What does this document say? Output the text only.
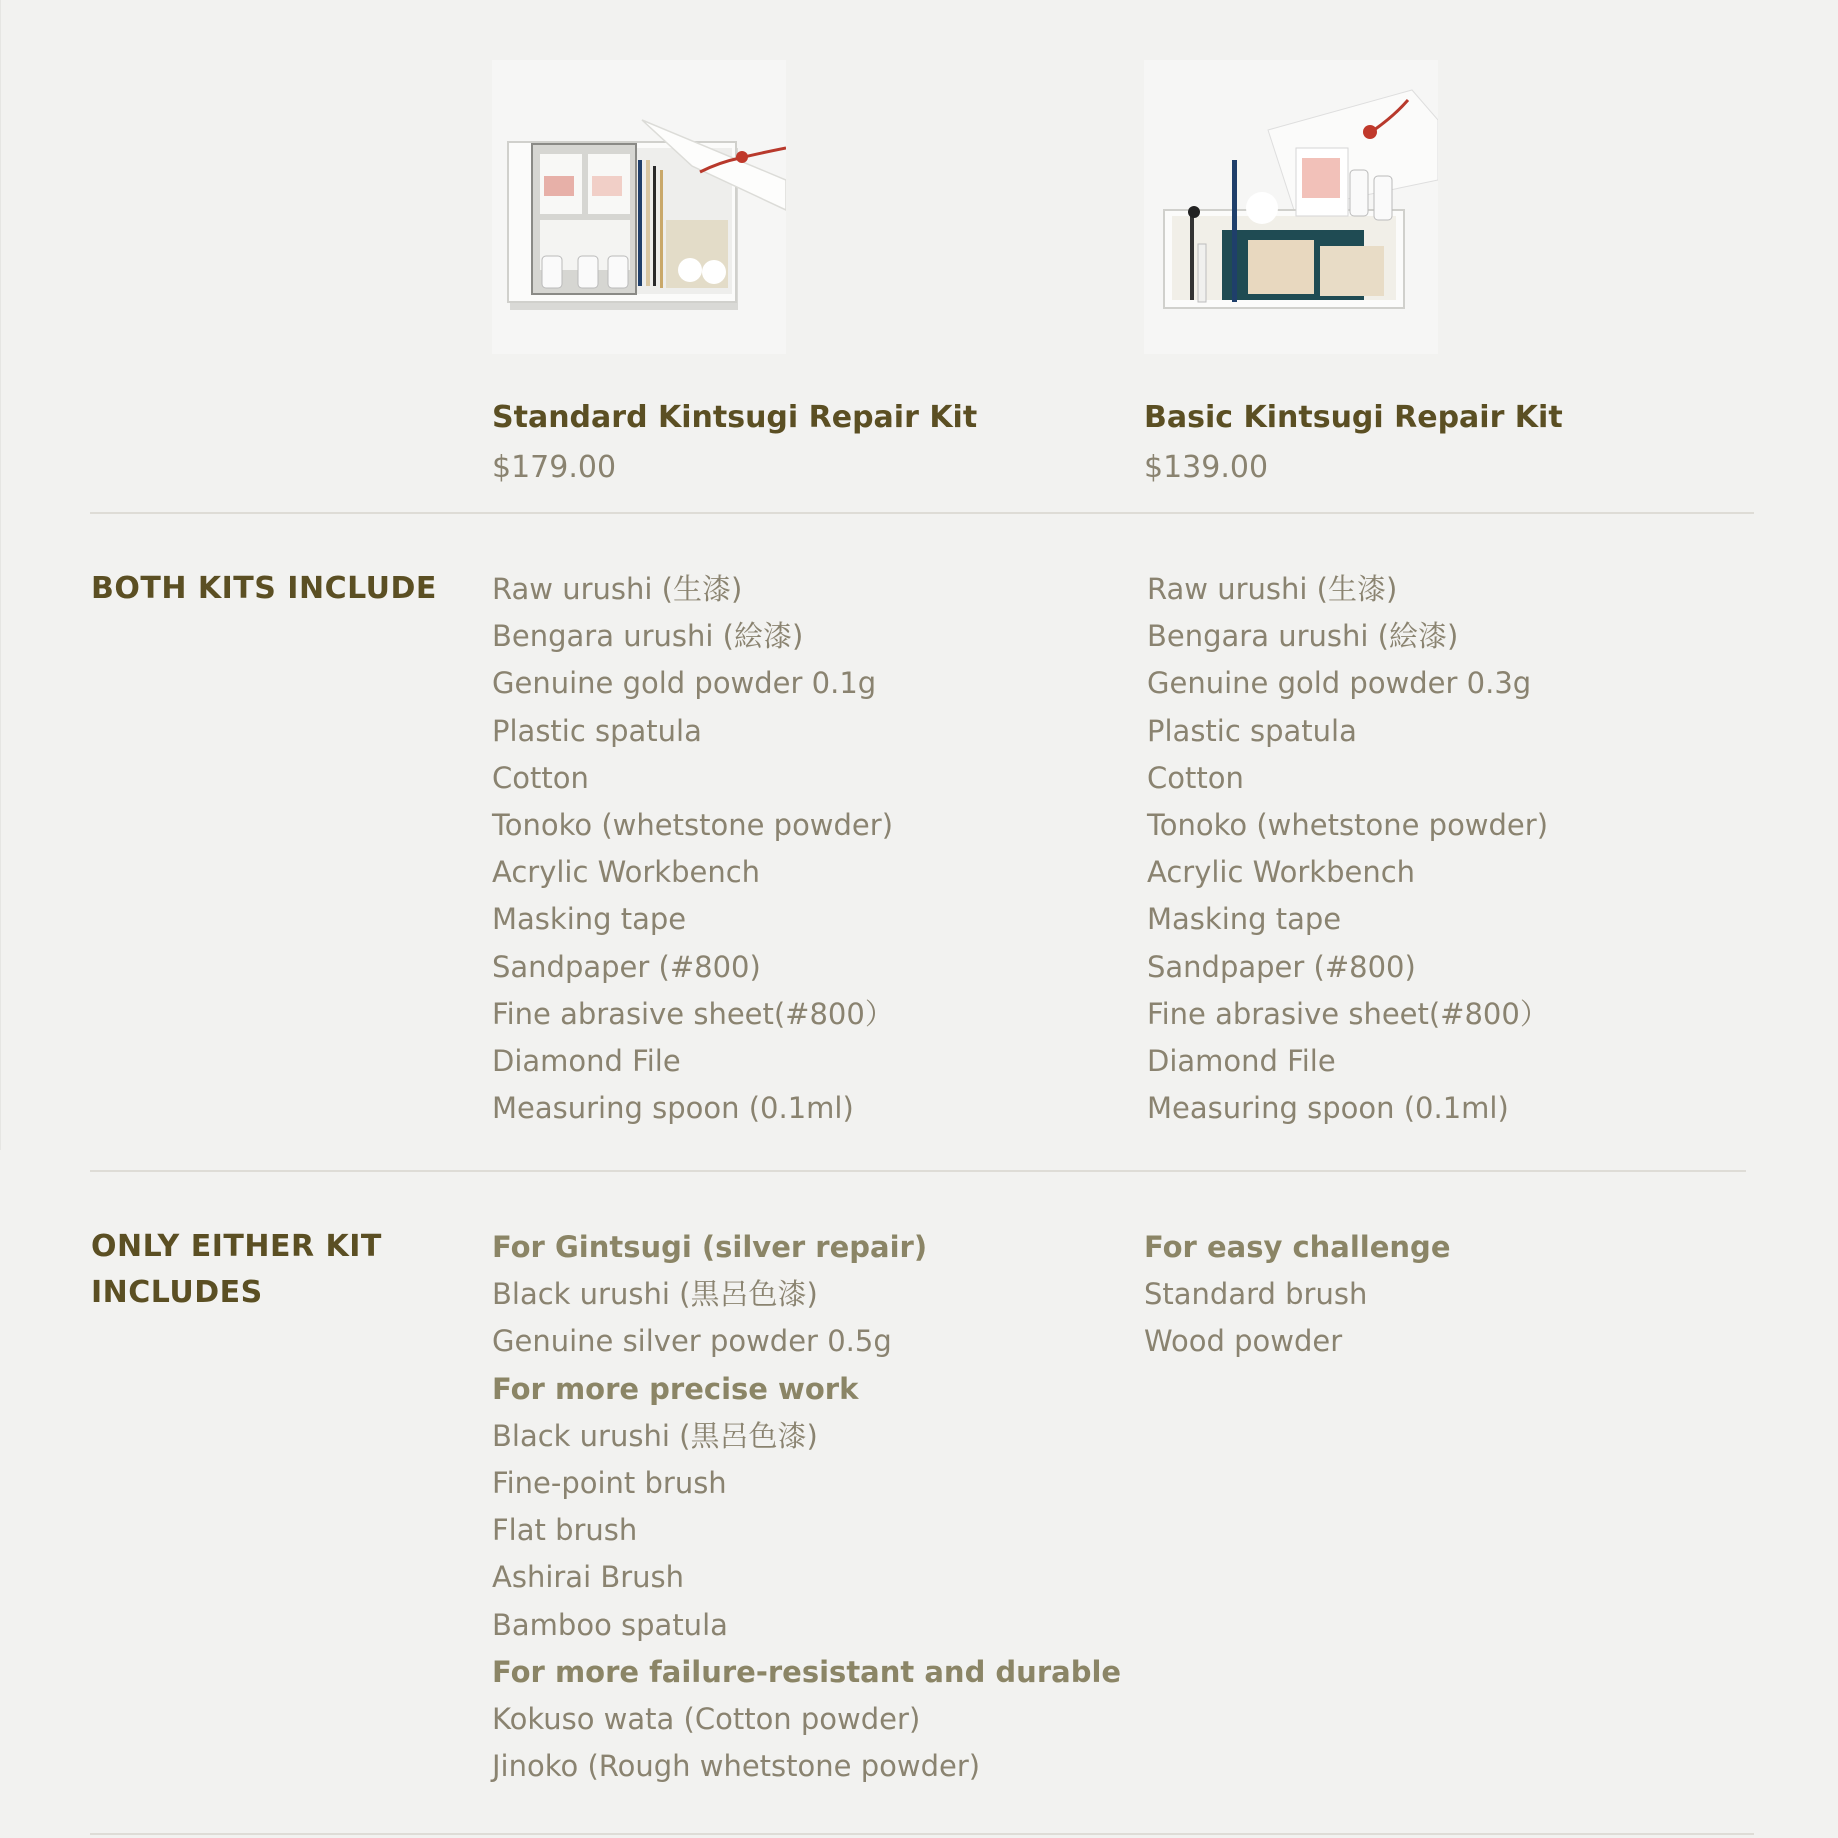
Standard Kintsugi Repair Kit
$179.00
Basic Kintsugi Repair Kit
$139.00
BOTH KITS INCLUDE	Raw urushi (生漆)
Bengara urushi (絵漆)
Genuine gold powder 0.1g
Plastic spatula
Cotton
Tonoko (whetstone powder)
Acrylic Workbench
Masking tape
Sandpaper (#800)
Fine abrasive sheet(#800）
Diamond File
Measuring spoon (0.1ml)
Raw urushi (生漆)
Bengara urushi (絵漆)
Genuine gold powder 0.3g
Plastic spatula
Cotton
Tonoko (whetstone powder)
Acrylic Workbench
Masking tape
Sandpaper (#800)
Fine abrasive sheet(#800）
Diamond File
Measuring spoon (0.1ml)
ONLY EITHER KIT
INCLUDES
For Gintsugi (silver repair)
Black urushi (黒呂色漆)
Genuine silver powder 0.5g
For more precise work
Black urushi (黒呂色漆)
Fine-point brush
Flat brush
Ashirai Brush
Bamboo spatula
For more failure-resistant and durable
Kokuso wata (Cotton powder)
Jinoko (Rough whetstone powder)
For easy challenge
Standard brush
Wood powder
